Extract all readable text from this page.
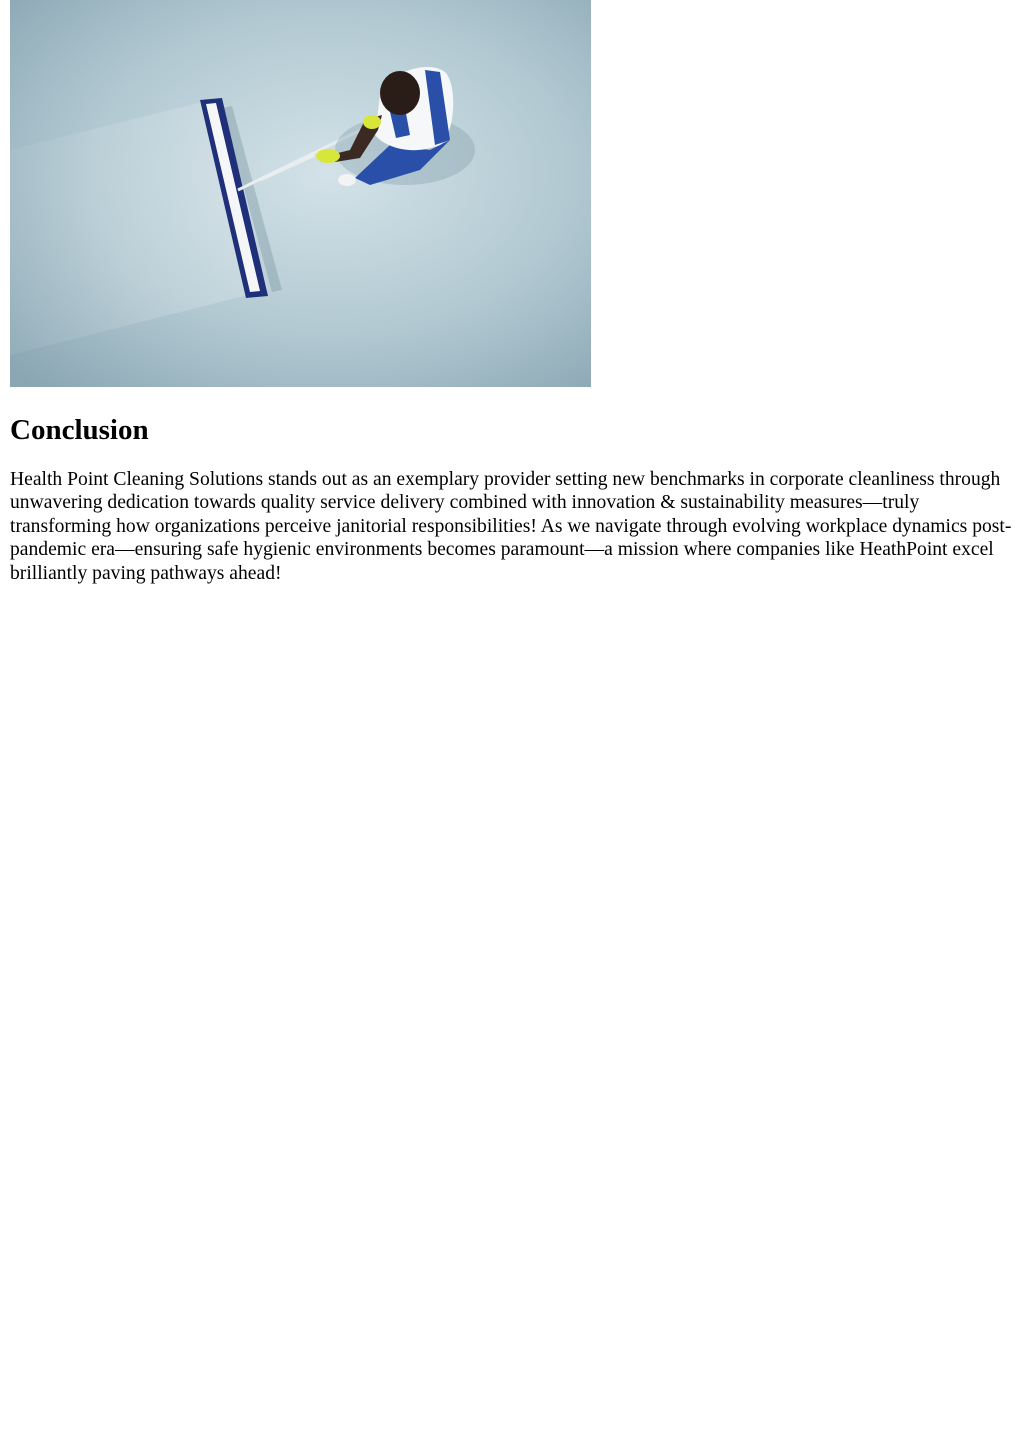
Conclusion

Health Point Cleaning Solutions stands out as an exemplary provider setting new benchmarks in corporate cleanliness through unwavering dedication towards quality service delivery combined with innovation & sustainability measures—truly transforming how organizations perceive janitorial responsibilities! As we navigate through evolving workplace dynamics post-pandemic era—ensuring safe hygienic environments becomes paramount—a mission where companies like HeathPoint excel brilliantly paving pathways ahead!
